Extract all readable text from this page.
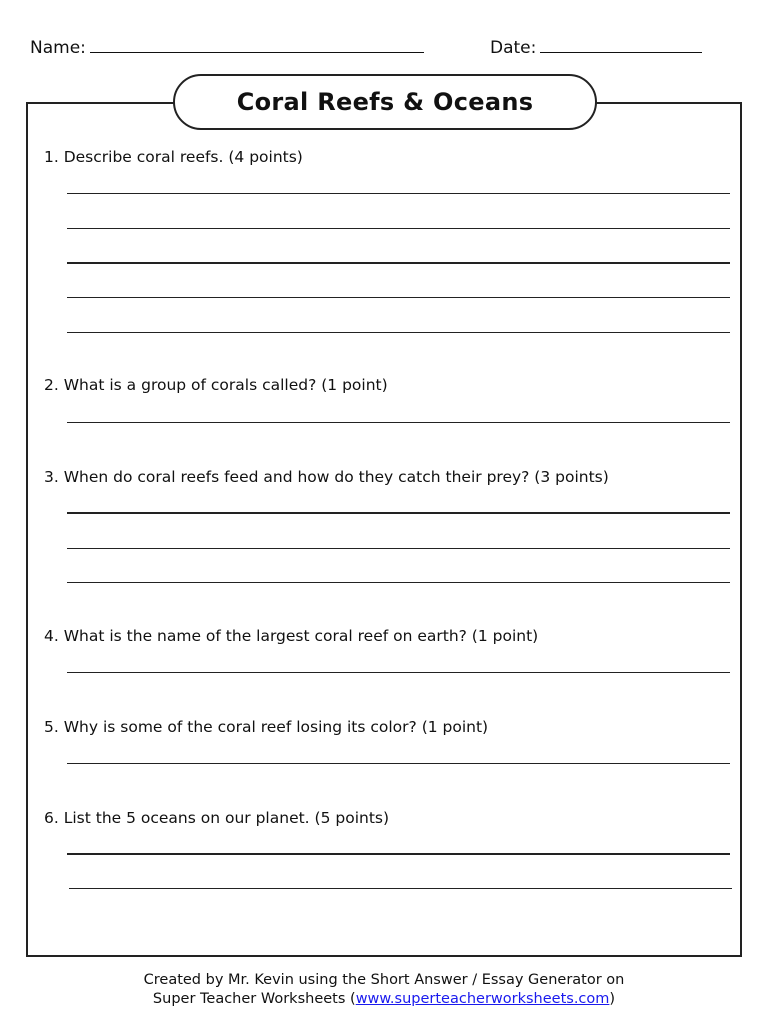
Name:	Date:
Coral Reefs & Oceans
1. Describe coral reefs. (4 points)
2. What is a group of corals called? (1 point)
3. When do coral reefs feed and how do they catch their prey? (3 points)
4. What is the name of the largest coral reef on earth? (1 point)
5. Why is some of the coral reef losing its color? (1 point)
6. List the 5 oceans on our planet. (5 points)
Created by Mr. Kevin using the Short Answer / Essay Generator on
Super Teacher Worksheets (www.superteacherworksheets.com)
